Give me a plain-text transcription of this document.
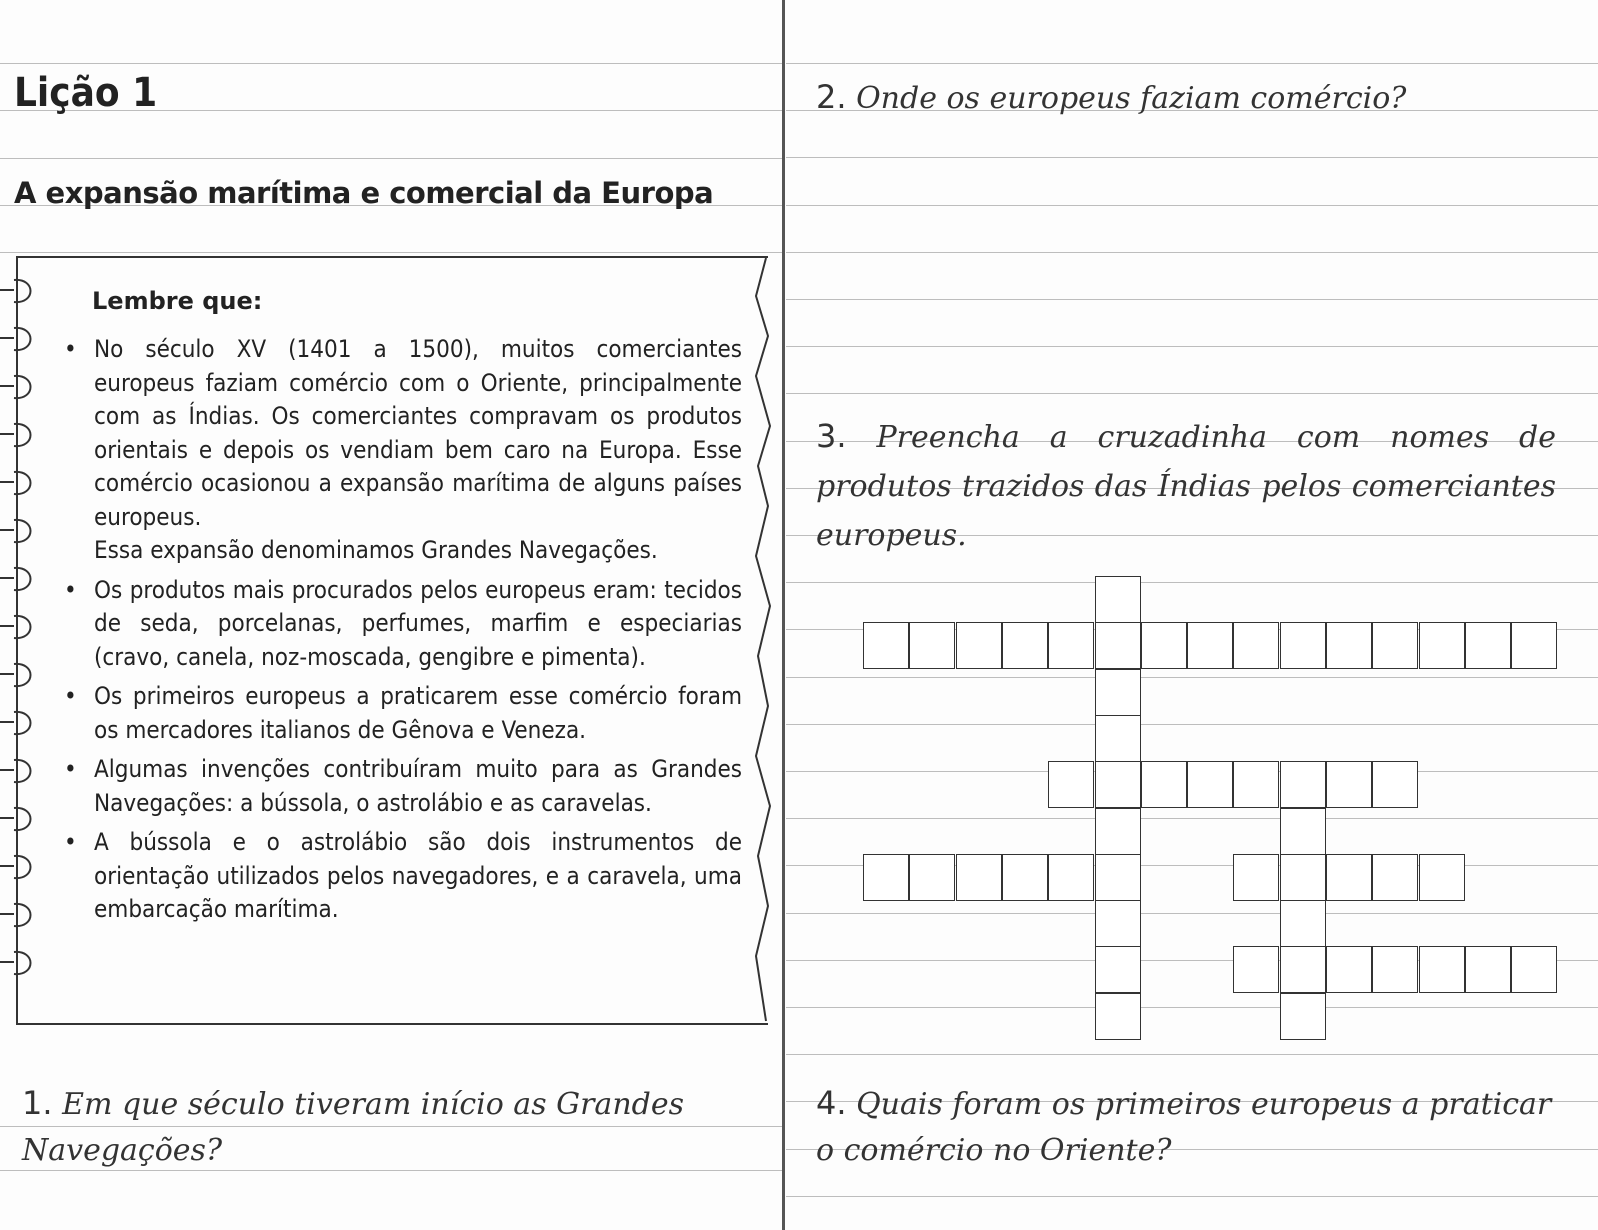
Lição 1
A expansão marítima e comercial da Europa
Lembre que:
• No século XV (1401 a 1500), muitos comerciantes europeus faziam comércio com o Oriente, principalmente com as Índias. Os comerciantes compravam os produtos orientais e depois os vendiam bem caro na Europa. Esse comércio ocasionou a expansão marítima de alguns países europeus.
Essa expansão denominamos Grandes Navegações.
• Os produtos mais procurados pelos europeus eram: tecidos de seda, porcelanas, perfumes, marfim e especiarias (cravo, canela, noz-moscada, gengibre e pimenta).
• Os primeiros europeus a praticarem esse comércio foram os mercadores italianos de Gênova e Veneza.
• Algumas invenções contribuíram muito para as Grandes Navegações: a bússola, o astrolábio e as caravelas.
• A bússola e o astrolábio são dois instrumentos de orientação utilizados pelos navegadores, e a caravela, uma embarcação marítima.
1. Em que século tiveram início as Grandes Navegações?
2. Onde os europeus faziam comércio?
3. Preencha a cruzadinha com nomes de produtos trazidos das Índias pelos comerciantes europeus.
4. Quais foram os primeiros europeus a praticar o comércio no Oriente?
